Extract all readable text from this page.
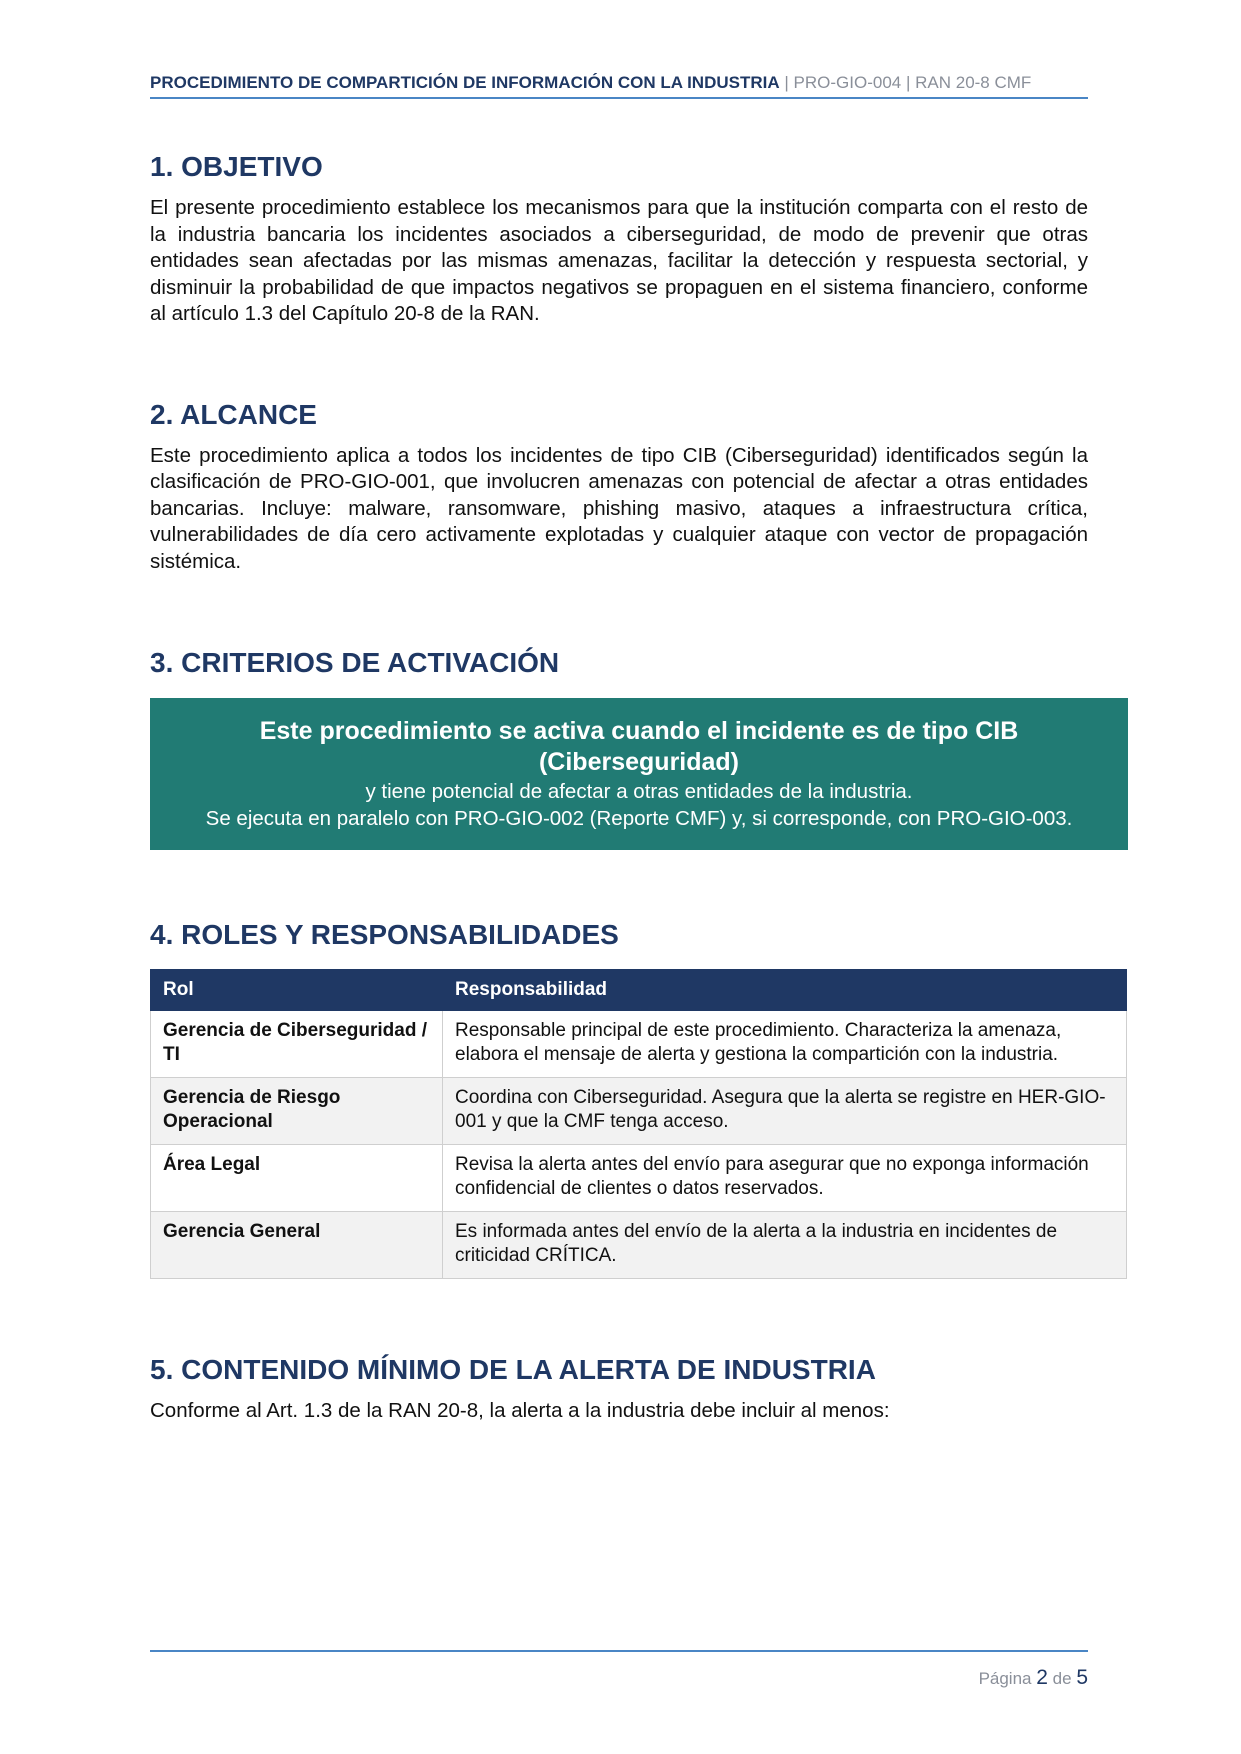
PROCEDIMIENTO DE COMPARTICIÓN DE INFORMACIÓN CON LA INDUSTRIA | PRO-GIO-004 | RAN 20-8 CMF
1. OBJETIVO

El presente procedimiento establece los mecanismos para que la institución comparta con el resto de la industria bancaria los incidentes asociados a ciberseguridad, de modo de prevenir que otras entidades sean afectadas por las mismas amenazas, facilitar la detección y respuesta sectorial, y disminuir la probabilidad de que impactos negativos se propaguen en el sistema financiero, conforme al artículo 1.3 del Capítulo 20-8 de la RAN.

2. ALCANCE

Este procedimiento aplica a todos los incidentes de tipo CIB (Ciberseguridad) identificados según la clasificación de PRO-GIO-001, que involucren amenazas con potencial de afectar a otras entidades bancarias. Incluye: malware, ransomware, phishing masivo, ataques a infraestructura crítica, vulnerabilidades de día cero activamente explotadas y cualquier ataque con vector de propagación sistémica.

3. CRITERIOS DE ACTIVACIÓN
Este procedimiento se activa cuando el incidente es de tipo CIB (Ciberseguridad)
y tiene potencial de afectar a otras entidades de la industria.
Se ejecuta en paralelo con PRO-GIO-002 (Reporte CMF) y, si corresponde, con PRO-GIO-003.
4. ROLES Y RESPONSABILIDADES
Rol	Responsabilidad
Gerencia de Ciberseguridad / TI	Responsable principal de este procedimiento. Characteriza la amenaza, elabora el mensaje de alerta y gestiona la compartición con la industria.
Gerencia de Riesgo Operacional	Coordina con Ciberseguridad. Asegura que la alerta se registre en HER-GIO-001 y que la CMF tenga acceso.
Área Legal	Revisa la alerta antes del envío para asegurar que no exponga información confidencial de clientes o datos reservados.
Gerencia General	Es informada antes del envío de la alerta a la industria en incidentes de criticidad CRÍTICA.
5. CONTENIDO MÍNIMO DE LA ALERTA DE INDUSTRIA

Conforme al Art. 1.3 de la RAN 20-8, la alerta a la industria debe incluir al menos:

Página 2 de 5
